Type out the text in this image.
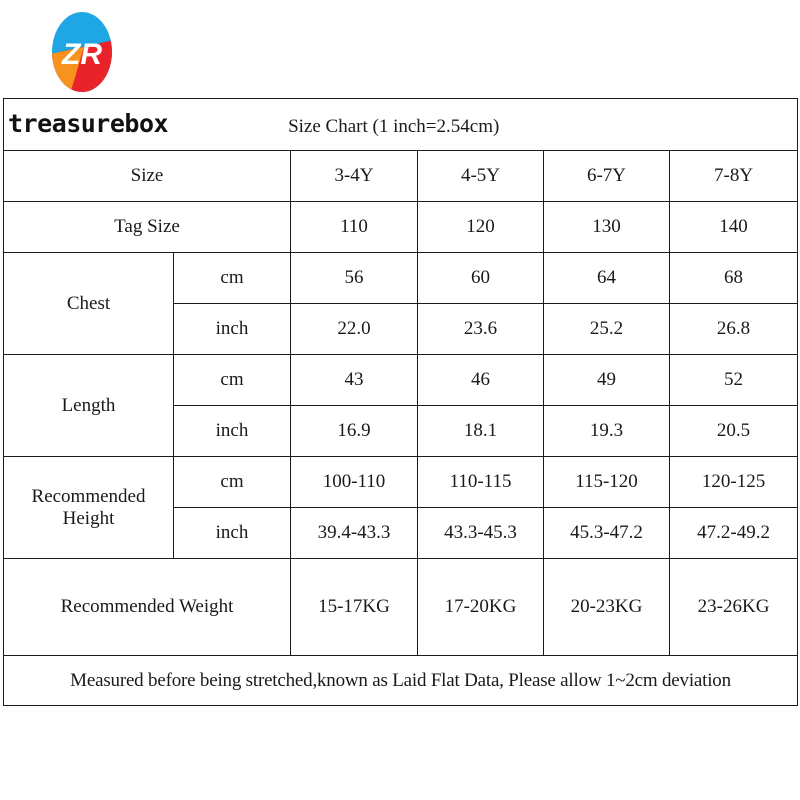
ZR
treasurebox Size Chart (1 inch=2.54cm)					
Size		3-4Y	4-5Y	6-7Y	7-8Y
Tag Size		110	120	130	140
Chest	cm	56	60	64	68
	inch	22.0	23.6	25.2	26.8
Length	cm	43	46	49	52
	inch	16.9	18.1	19.3	20.5

Recommended
Height	cm	100-110	110-115	115-120	120-125
	inch	39.4-43.3	43.3-45.3	45.3-47.2	47.2-49.2
Recommended Weight		15-17KG	17-20KG	20-23KG	23-26KG
Measured before being stretched,known as Laid Flat Data, Please allow 1~2cm deviation					
